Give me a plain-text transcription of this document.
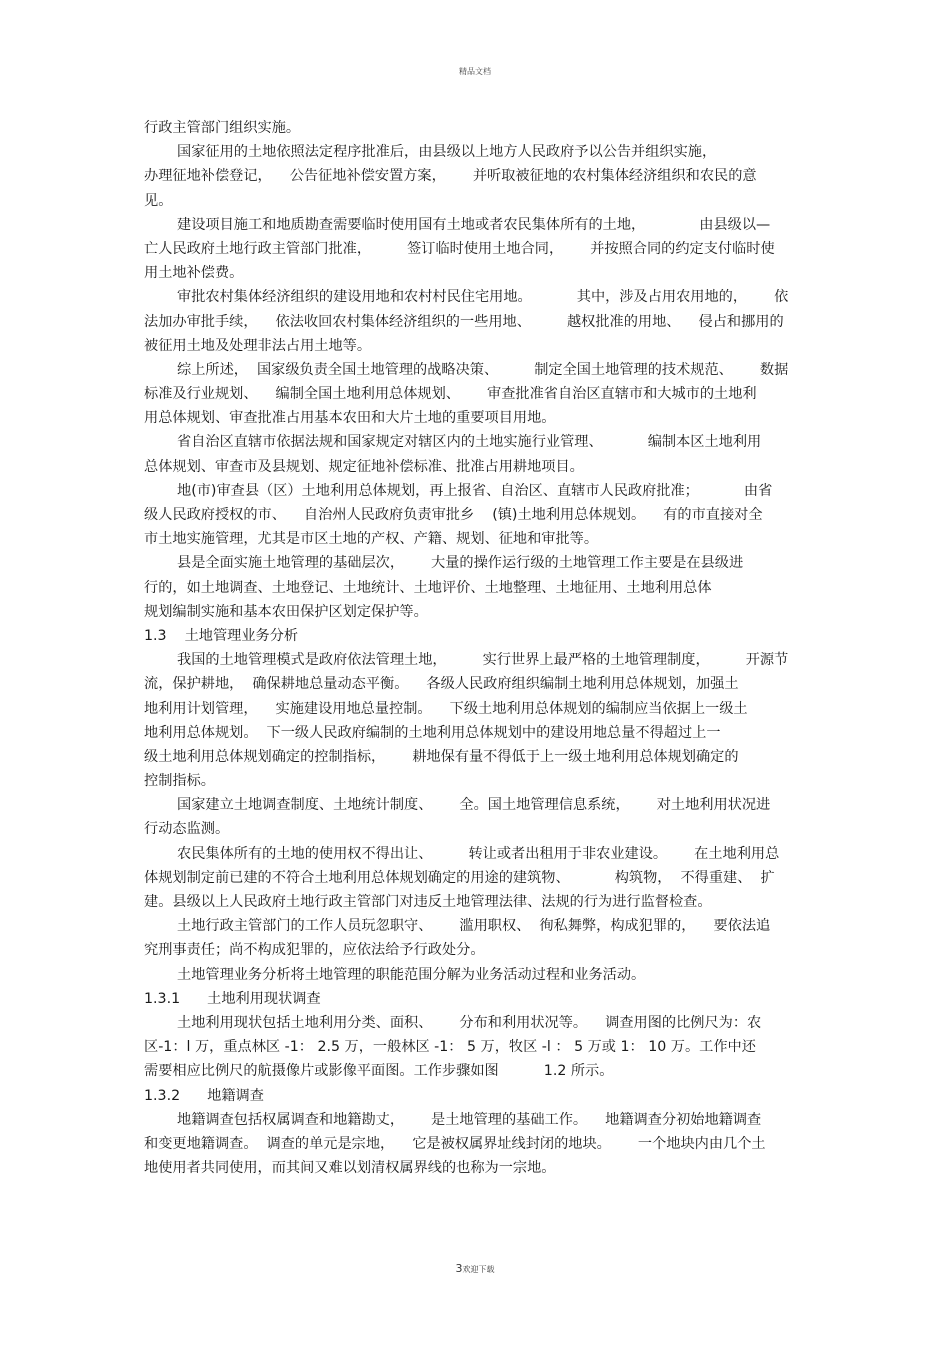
精品文档
行政主管部门组织实施。
国家征用的土地依照法定程序批准后，由县级以上地方人民政府予以公告并组织实施，
办理征地补偿登记，    公告征地补偿安置方案，      并听取被征地的农村集体经济组织和农民的意
见。
建设项目施工和地质勘查需要临时使用国有土地或者农民集体所有的土地，            由县级以—
亡人民政府土地行政主管部门批准，        签订临时使用土地合同，      并按照合同的约定支付临时使
用土地补偿费。
审批农村集体经济组织的建设用地和农村村民住宅用地。          其中，涉及占用农用地的，      依
法加办审批手续，    依法收回农村集体经济组织的一些用地、        越权批准的用地、    侵占和挪用的
被征用土地及处理非法占用土地等。
综上所述，  国家级负责全国土地管理的战略决策、        制定全国土地管理的技术规范、      数据
标准及行业规划、    编制全国土地利用总体规划、      审查批准省自治区直辖市和大城市的土地利
用总体规划、审查批准占用基本农田和大片土地的重要项目用地。
省自治区直辖市依据法规和国家规定对辖区内的土地实施行业管理、          编制本区土地利用
总体规划、审查市及县规划、规定征地补偿标准、批准占用耕地项目。
地(市)审查县（区）土地利用总体规划，再上报省、自治区、直辖市人民政府批准；          由省
级人民政府授权的市、    自治州人民政府负责审批乡    (镇)土地利用总体规划。    有的市直接对全
市土地实施管理，尤其是市区土地的产权、产籍、规划、征地和审批等。
县是全面实施土地管理的基础层次，      大量的操作运行级的土地管理工作主要是在县级进
行的，如土地调查、土地登记、土地统计、土地评价、土地整理、土地征用、土地利用总体
规划编制实施和基本农田保护区划定保护等。
1.3    土地管理业务分析
我国的土地管理模式是政府依法管理土地，        实行世界上最严格的土地管理制度，        开源节
流，保护耕地，  确保耕地总量动态平衡。    各级人民政府组织编制土地利用总体规划，加强土
地利用计划管理，    实施建设用地总量控制。    下级土地利用总体规划的编制应当依据上一级土
地利用总体规划。  下一级人民政府编制的土地利用总体规划中的建设用地总量不得超过上一
级土地利用总体规划确定的控制指标，      耕地保有量不得低于上一级土地利用总体规划确定的
控制指标。
国家建立土地调查制度、土地统计制度、      全。国土地管理信息系统，      对土地利用状况进
行动态监测。
农民集体所有的土地的使用权不得出让、        转让或者出租用于非农业建设。      在土地利用总
体规划制定前已建的不符合土地利用总体规划确定的用途的建筑物、          构筑物，  不得重建、  扩
建。县级以上人民政府土地行政主管部门对违反土地管理法律、法规的行为进行监督检查。
土地行政主管部门的工作人员玩忽职守、      滥用职权、  徇私舞弊，构成犯罪的，    要依法追
究刑事责任；尚不构成犯罪的，应依法给予行政处分。
土地管理业务分析将土地管理的职能范围分解为业务活动过程和业务活动。
1.3.1      土地利用现状调查
土地利用现状包括土地利用分类、面积、      分布和利用状况等。    调查用图的比例尺为：农
区-1：l 万，重点林区 -1： 2.5 万，一般林区 -1： 5 万，牧区 -l ： 5 万或 1： 10 万。工作中还
需要相应比例尺的航摄像片或影像平面图。工作步骤如图          1.2 所示。
1.3.2      地籍调查
地籍调查包括权属调查和地籍勘丈，      是土地管理的基础工作。    地籍调查分初始地籍调查
和变更地籍调查。  调查的单元是宗地，    它是被权属界址线封闭的地块。      一个地块内由几个土
地使用者共同使用，而其间又难以划清权属界线的也称为一宗地。
3欢迎下载
